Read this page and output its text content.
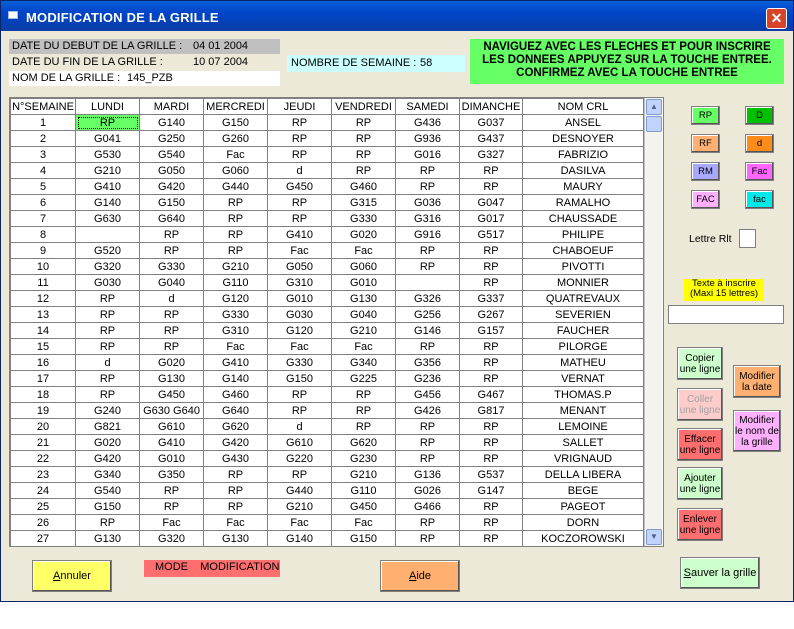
MODIFICATION DE LA GRILLE	✕
DATE DU DEBUT DE LA GRILLE : 04 01 2004
DATE DU FIN DE LA GRILLE :	10 07 2004
NOM DE LA GRILLE : 145_PZB
NOMBRE DE SEMAINE : 58
NAVIGUEZ AVEC LES FLECHES ET POUR INSCRIRE
LES DONNEES APPUYEZ SUR LA TOUCHE ENTREE.
CONFIRMEZ AVEC LA TOUCHE ENTREE
N°SEMAINE	LUNDI	MARDI	MERCREDI	JEUDI	VENDREDI	SAMEDI	DIMANCHE	NOM CRL
1	RP	G140	G150	RP	RP	G436	G037	ANSEL
2	G041	G250	G260	RP	RP	G936	G437	DESNOYER
3	G530	G540	Fac	RP	RP	G016	G327	FABRIZIO
4	G210	G050	G060	d	RP	RP	RP	DASILVA
5	G410	G420	G440	G450	G460	RP	RP	MAURY
6	G140	G150	RP	RP	G315	G036	G047	RAMALHO
7	G630	G640	RP	RP	G330	G316	G017	CHAUSSADE
8		RP	RP	G410	G020	G916	G517	PHILIPE
9	G520	RP	RP	Fac	Fac	RP	RP	CHABOEUF
10	G320	G330	G210	G050	G060	RP	RP	PIVOTTI
11	G030	G040	G110	G310	G010		RP	MONNIER
12	RP	d	G120	G010	G130	G326	G337	QUATREVAUX
13	RP	RP	G330	G030	G040	G256	G267	SEVERIEN
14	RP	RP	G310	G120	G210	G146	G157	FAUCHER
15	RP	RP	Fac	Fac	Fac	RP	RP	PILORGE
16	d	G020	G410	G330	G340	G356	RP	MATHEU
17	RP	G130	G140	G150	G225	G236	RP	VERNAT
18	RP	G450	G460	RP	RP	G456	G467	THOMAS.P
19	G240	G630 G640	G640	RP	RP	G426	G817	MENANT
20	G821	G610	G620	d	RP	RP	RP	LEMOINE
21	G020	G410	G420	G610	G620	RP	RP	SALLET
22	G420	G010	G430	G220	G230	RP	RP	VRIGNAUD
23	G340	G350	RP	RP	G210	G136	G537	DELLA LIBERA
24	G540	RP	RP	G440	G110	G026	G147	BEGE
25	G150	RP	RP	G210	G450	G466	RP	PAGEOT
26	RP	Fac	Fac	Fac	Fac	RP	RP	DORN
27	G130	G320	G130	G140	G150	RP	RP	KOCZOROWSKI
▲
▼
RP	D
RF	d
RM	Fac
FAC	fac
Lettre Rlt
Texte à inscrire
(Maxi 15 lettres)
Copier
une ligne
Coller
une ligne
Effacer
une ligne
Ajouter
une ligne
Enlever
une ligne
Modifier
la date
Modifier
le nom de
la grille
Annuler
MODE MODIFICATION
Aide	Sauver la grille
